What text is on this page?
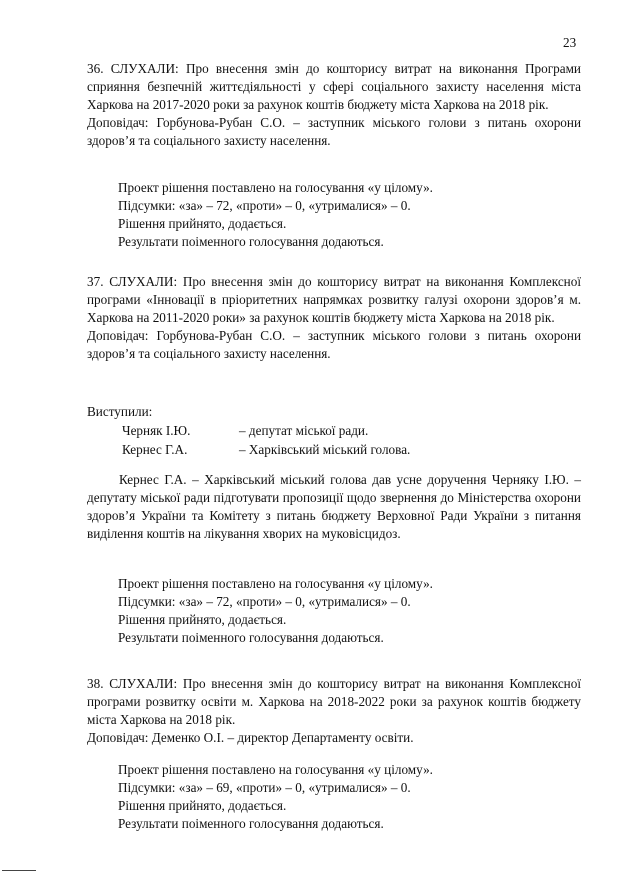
23

36. СЛУХАЛИ: Про внесення змін до кошторису витрат на виконання Програми сприяння безпечній життєдіяльності у сфері соціального захисту населення міста Харкова на 2017-2020 роки за рахунок коштів бюджету міста Харкова на 2018 рік.

Доповідач: Горбунова-Рубан С.О. – заступник міського голови з питань охорони здоров’я та соціального захисту населення.

Проект рішення поставлено на голосування «у цілому».

Підсумки: «за» – 72, «проти» – 0, «утрималися» – 0.

Рішення прийнято, додається.

Результати поіменного голосування додаються.

37. СЛУХАЛИ: Про внесення змін до кошторису витрат на виконання Комплексної програми «Інновації в пріоритетних напрямках розвитку галузі охорони здоров’я м. Харкова на 2011-2020 роки» за рахунок коштів бюджету міста Харкова на 2018 рік.

Доповідач: Горбунова-Рубан С.О. – заступник міського голови з питань охорони здоров’я та соціального захисту населення.

Виступили:

Черняк І.Ю.	– депутат міської ради.
Кернес Г.А.	– Харківський міський голова.

Кернес Г.А. – Харківський міський голова дав усне доручення Черняку І.Ю. – депутату міської ради підготувати пропозиції щодо звернення до Міністерства охорони здоров’я України та Комітету з питань бюджету Верховної Ради України з питання виділення коштів на лікування хворих на муковісцидоз.

Проект рішення поставлено на голосування «у цілому».

Підсумки: «за» – 72, «проти» – 0, «утрималися» – 0.

Рішення прийнято, додається.

Результати поіменного голосування додаються.

38. СЛУХАЛИ: Про внесення змін до кошторису витрат на виконання Комплексної програми розвитку освіти м. Харкова на 2018-2022 роки за рахунок коштів бюджету міста Харкова на 2018 рік.

Доповідач: Деменко О.І. – директор Департаменту освіти.

Проект рішення поставлено на голосування «у цілому».

Підсумки: «за» – 69, «проти» – 0, «утрималися» – 0.

Рішення прийнято, додається.

Результати поіменного голосування додаються.
